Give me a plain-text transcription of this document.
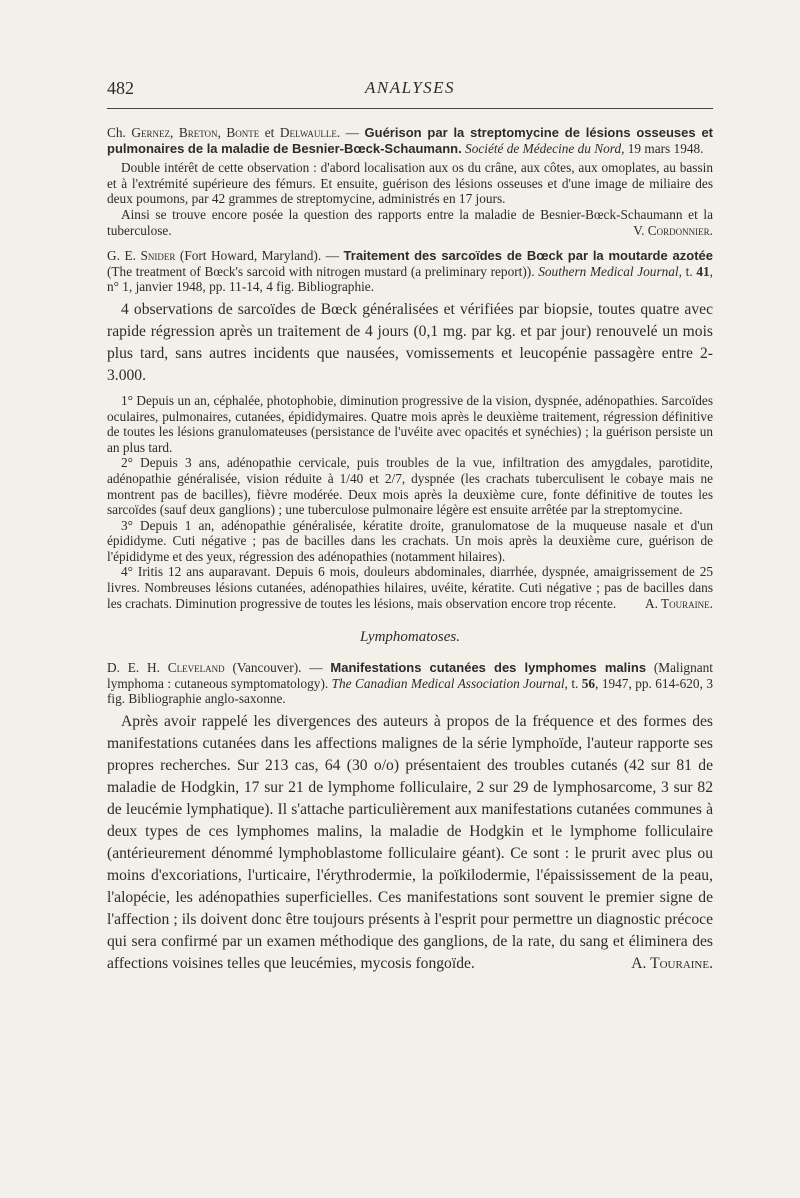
482	ANALYSES

Ch. Gernez, Breton, Bonte et Delwaulle. — Guérison par la streptomycine de lésions osseuses et pulmonaires de la maladie de Besnier-Bœck-Schaumann. Société de Médecine du Nord, 19 mars 1948.

Double intérêt de cette observation : d'abord localisation aux os du crâne, aux côtes, aux omoplates, au bassin et à l'extrémité supérieure des fémurs. Et ensuite, guérison des lésions osseuses et d'une image de miliaire des deux poumons, par 42 grammes de streptomycine, administrés en 17 jours.

Ainsi se trouve encore posée la question des rapports entre la maladie de Besnier-Bœck-Schaumann et la tuberculose.	V. Cordonnier.

G. E. Snider (Fort Howard, Maryland). — Traitement des sarcoïdes de Bœck par la moutarde azotée (The treatment of Bœck's sarcoid with nitrogen mustard (a preliminary report)). Southern Medical Journal, t. 41, n° 1, janvier 1948, pp. 11-14, 4 fig. Bibliographie.

4 observations de sarcoïdes de Bœck généralisées et vérifiées par biopsie, toutes quatre avec rapide régression après un traitement de 4 jours (0,1 mg. par kg. et par jour) renouvelé un mois plus tard, sans autres incidents que nausées, vomissements et leucopénie passagère entre 2-3.000.

1° Depuis un an, céphalée, photophobie, diminution progressive de la vision, dyspnée, adénopathies. Sarcoïdes oculaires, pulmonaires, cutanées, épididymaires. Quatre mois après le deuxième traitement, régression définitive de toutes les lésions granulomateuses (persistance de l'uvéite avec opacités et synéchies) ; la guérison persiste un an plus tard.

2° Depuis 3 ans, adénopathie cervicale, puis troubles de la vue, infiltration des amygdales, parotidite, adénopathie généralisée, vision réduite à 1/40 et 2/7, dyspnée (les crachats tuberculisent le cobaye mais ne montrent pas de bacilles), fièvre modérée. Deux mois après la deuxième cure, fonte définitive de toutes les sarcoïdes (sauf deux ganglions) ; une tuberculose pulmonaire légère est ensuite arrêtée par la streptomycine.

3° Depuis 1 an, adénopathie généralisée, kératite droite, granulomatose de la muqueuse nasale et d'un épididyme. Cuti négative ; pas de bacilles dans les crachats. Un mois après la deuxième cure, guérison de l'épididyme et des yeux, régression des adénopathies (notamment hilaires).

4° Iritis 12 ans auparavant. Depuis 6 mois, douleurs abdominales, diarrhée, dyspnée, amaigrissement de 25 livres. Nombreuses lésions cutanées, adénopathies hilaires, uvéite, kératite. Cuti négative ; pas de bacilles dans les crachats. Diminution progressive de toutes les lésions, mais observation encore trop récente.	A. Touraine.

Lymphomatoses.

D. E. H. Cleveland (Vancouver). — Manifestations cutanées des lymphomes malins (Malignant lymphoma : cutaneous symptomatology). The Canadian Medical Association Journal, t. 56, 1947, pp. 614-620, 3 fig. Bibliographie anglo-saxonne.

Après avoir rappelé les divergences des auteurs à propos de la fréquence et des formes des manifestations cutanées dans les affections malignes de la série lymphoïde, l'auteur rapporte ses propres recherches. Sur 213 cas, 64 (30 o/o) présentaient des troubles cutanés (42 sur 81 de maladie de Hodgkin, 17 sur 21 de lymphome folliculaire, 2 sur 29 de lymphosarcome, 3 sur 82 de leucémie lymphatique). Il s'attache particulièrement aux manifestations cutanées communes à deux types de ces lymphomes malins, la maladie de Hodgkin et le lymphome folliculaire (antérieurement dénommé lymphoblastome folliculaire géant). Ce sont : le prurit avec plus ou moins d'excoriations, l'urticaire, l'érythrodermie, la poïkilodermie, l'épaississement de la peau, l'alopécie, les adénopathies superficielles. Ces manifestations sont souvent le premier signe de l'affection ; ils doivent donc être toujours présents à l'esprit pour permettre un diagnostic précoce qui sera confirmé par un examen méthodique des ganglions, de la rate, du sang et éliminera des affections voisines telles que leucémies, mycosis fongoïde.	A. Touraine.
